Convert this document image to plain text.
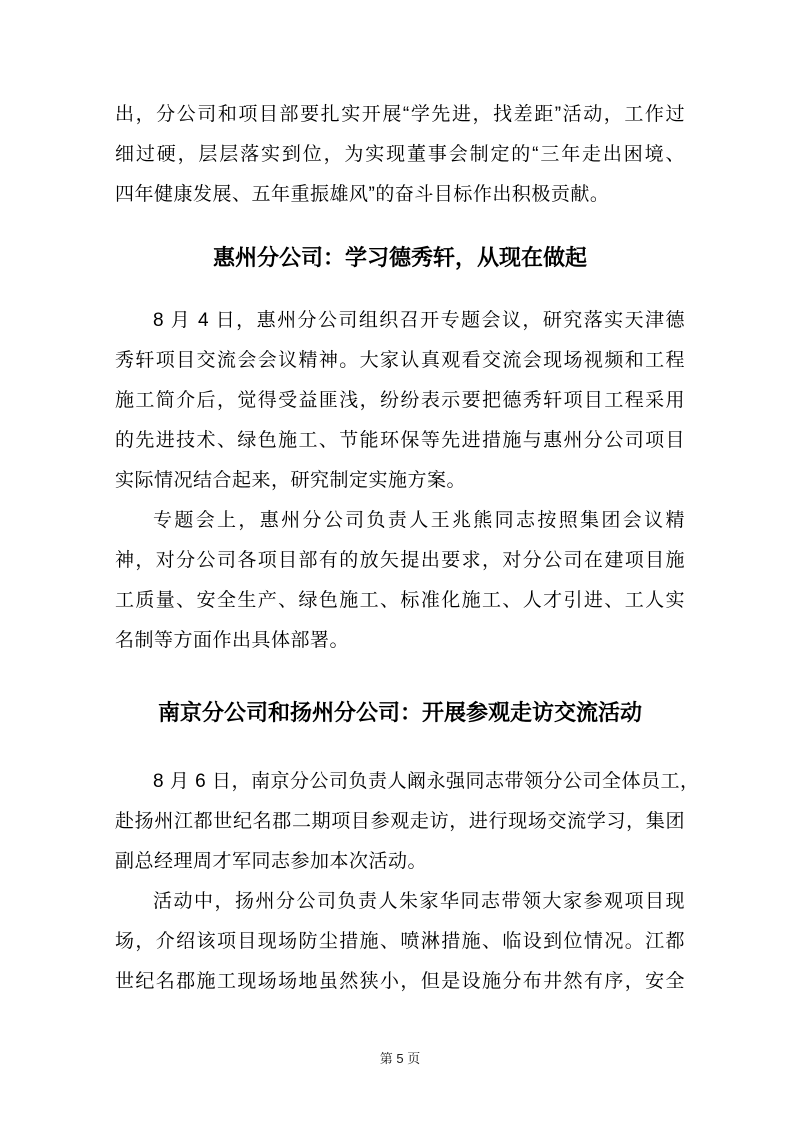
出，分公司和项目部要扎实开展“学先进，找差距”活动，工作过
细过硬，层层落实到位，为实现董事会制定的“三年走出困境、
四年健康发展、五年重振雄风”的奋斗目标作出积极贡献。
惠州分公司：学习德秀轩，从现在做起
8 月 4 日，惠州分公司组织召开专题会议，研究落实天津德
秀轩项目交流会会议精神。大家认真观看交流会现场视频和工程
施工简介后，觉得受益匪浅，纷纷表示要把德秀轩项目工程采用
的先进技术、绿色施工、节能环保等先进措施与惠州分公司项目
实际情况结合起来，研究制定实施方案。
专题会上，惠州分公司负责人王兆熊同志按照集团会议精
神，对分公司各项目部有的放矢提出要求，对分公司在建项目施
工质量、安全生产、绿色施工、标准化施工、人才引进、工人实
名制等方面作出具体部署。
南京分公司和扬州分公司：开展参观走访交流活动
8 月 6 日，南京分公司负责人阚永强同志带领分公司全体员工，
赴扬州江都世纪名郡二期项目参观走访，进行现场交流学习，集团
副总经理周才军同志参加本次活动。
活动中，扬州分公司负责人朱家华同志带领大家参观项目现
场，介绍该项目现场防尘措施、喷淋措施、临设到位情况。江都
世纪名郡施工现场场地虽然狭小，但是设施分布井然有序，安全
第 5 页
